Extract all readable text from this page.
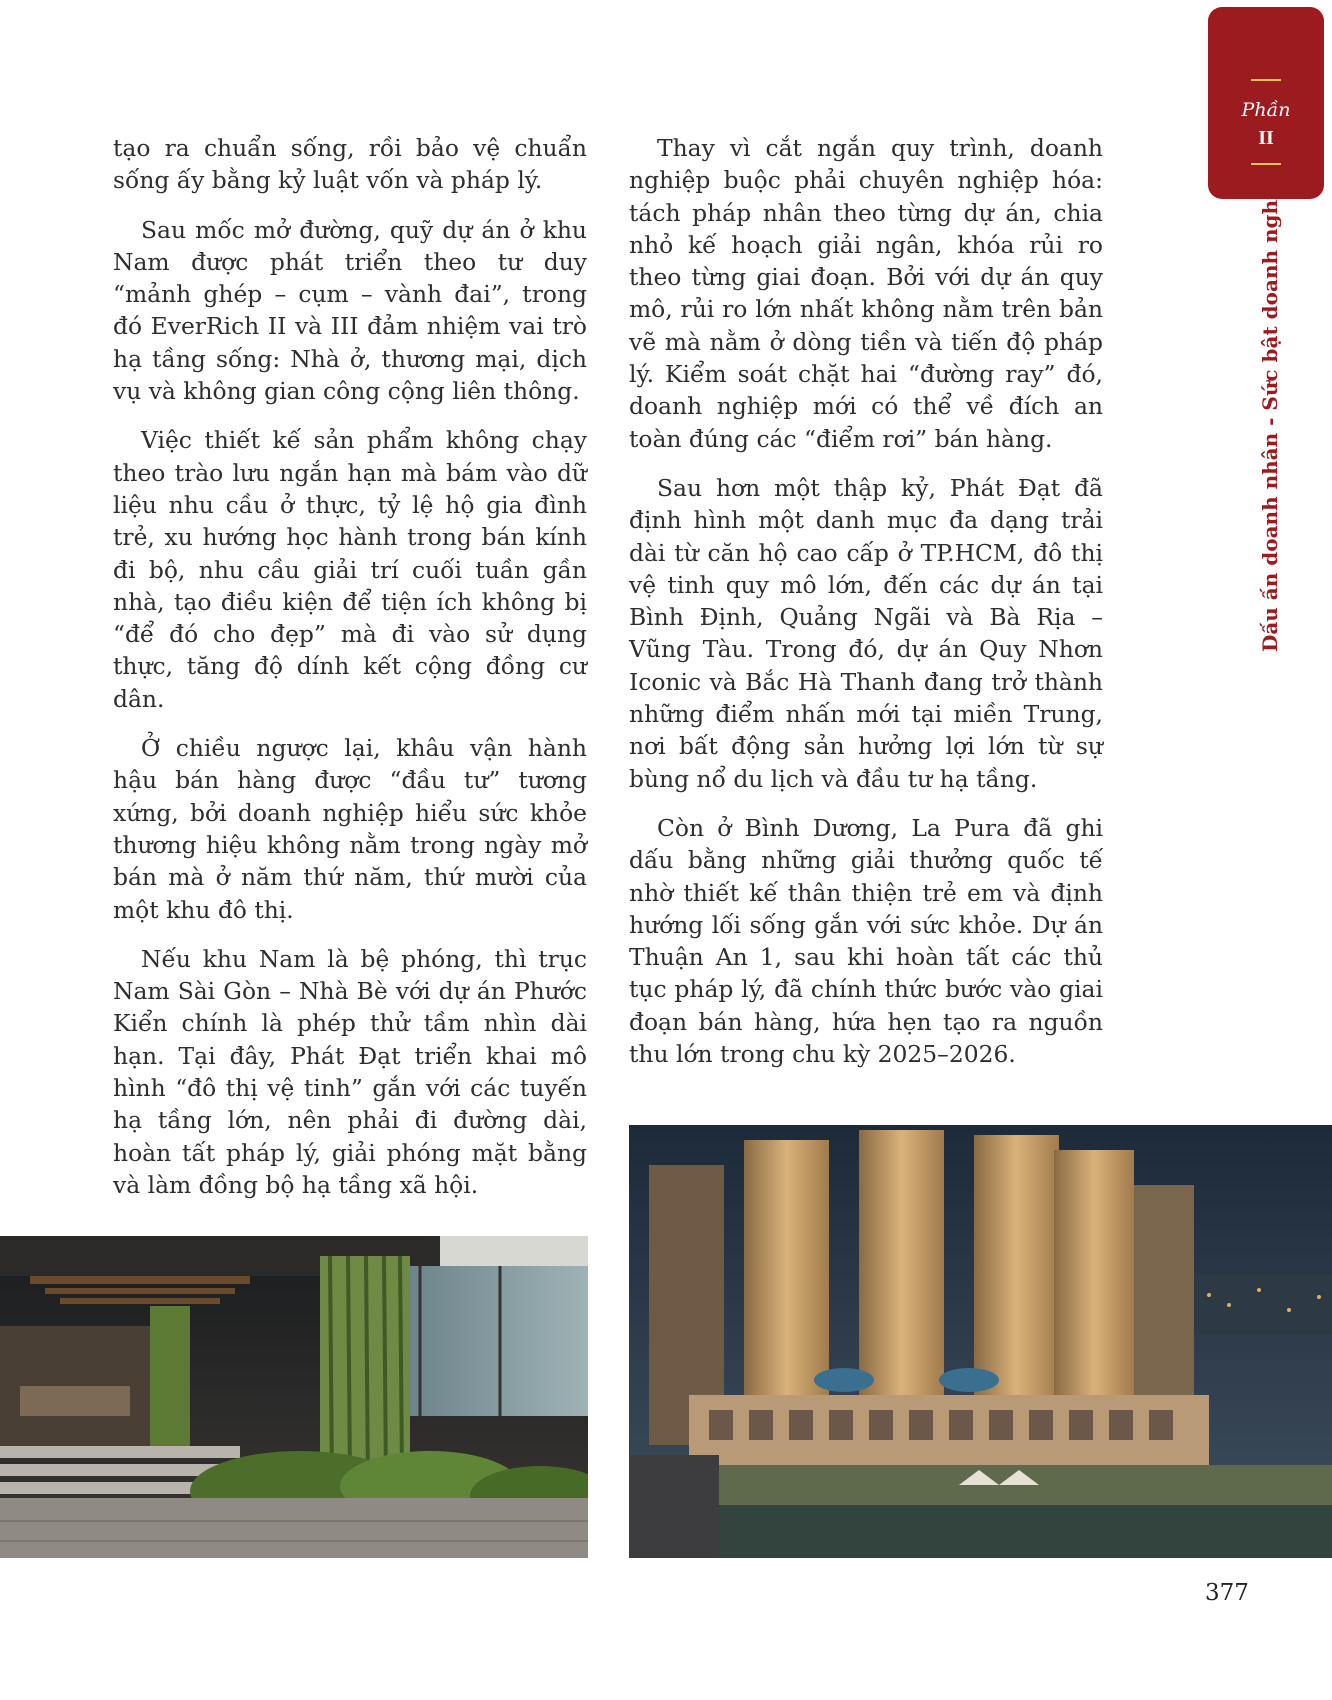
Phần
II
Dấu ấn doanh nhân - Sức bật doanh nghiệp

tạo ra chuẩn sống, rồi bảo vệ chuẩn sống ấy bằng kỷ luật vốn và pháp lý.

Sau mốc mở đường, quỹ dự án ở khu Nam được phát triển theo tư duy “mảnh ghép – cụm – vành đai”, trong đó EverRich II và III đảm nhiệm vai trò hạ tầng sống: Nhà ở, thương mại, dịch vụ và không gian công cộng liên thông.

Việc thiết kế sản phẩm không chạy theo trào lưu ngắn hạn mà bám vào dữ liệu nhu cầu ở thực, tỷ lệ hộ gia đình trẻ, xu hướng học hành trong bán kính đi bộ, nhu cầu giải trí cuối tuần gần nhà, tạo điều kiện để tiện ích không bị “để đó cho đẹp” mà đi vào sử dụng thực, tăng độ dính kết cộng đồng cư dân.

Ở chiều ngược lại, khâu vận hành hậu bán hàng được “đầu tư” tương xứng, bởi doanh nghiệp hiểu sức khỏe thương hiệu không nằm trong ngày mở bán mà ở năm thứ năm, thứ mười của một khu đô thị.

Nếu khu Nam là bệ phóng, thì trục Nam Sài Gòn – Nhà Bè với dự án Phước Kiển chính là phép thử tầm nhìn dài hạn. Tại đây, Phát Đạt triển khai mô hình “đô thị vệ tinh” gắn với các tuyến hạ tầng lớn, nên phải đi đường dài, hoàn tất pháp lý, giải phóng mặt bằng và làm đồng bộ hạ tầng xã hội.

Thay vì cắt ngắn quy trình, doanh nghiệp buộc phải chuyên nghiệp hóa: tách pháp nhân theo từng dự án, chia nhỏ kế hoạch giải ngân, khóa rủi ro theo từng giai đoạn. Bởi với dự án quy mô, rủi ro lớn nhất không nằm trên bản vẽ mà nằm ở dòng tiền và tiến độ pháp lý. Kiểm soát chặt hai “đường ray” đó, doanh nghiệp mới có thể về đích an toàn đúng các “điểm rơi” bán hàng.

Sau hơn một thập kỷ, Phát Đạt đã định hình một danh mục đa dạng trải dài từ căn hộ cao cấp ở TP.HCM, đô thị vệ tinh quy mô lớn, đến các dự án tại Bình Định, Quảng Ngãi và Bà Rịa – Vũng Tàu. Trong đó, dự án Quy Nhơn Iconic và Bắc Hà Thanh đang trở thành những điểm nhấn mới tại miền Trung, nơi bất động sản hưởng lợi lớn từ sự bùng nổ du lịch và đầu tư hạ tầng.

Còn ở Bình Dương, La Pura đã ghi dấu bằng những giải thưởng quốc tế nhờ thiết kế thân thiện trẻ em và định hướng lối sống gắn với sức khỏe. Dự án Thuận An 1, sau khi hoàn tất các thủ tục pháp lý, đã chính thức bước vào giai đoạn bán hàng, hứa hẹn tạo ra nguồn thu lớn trong chu kỳ 2025–2026.

377
